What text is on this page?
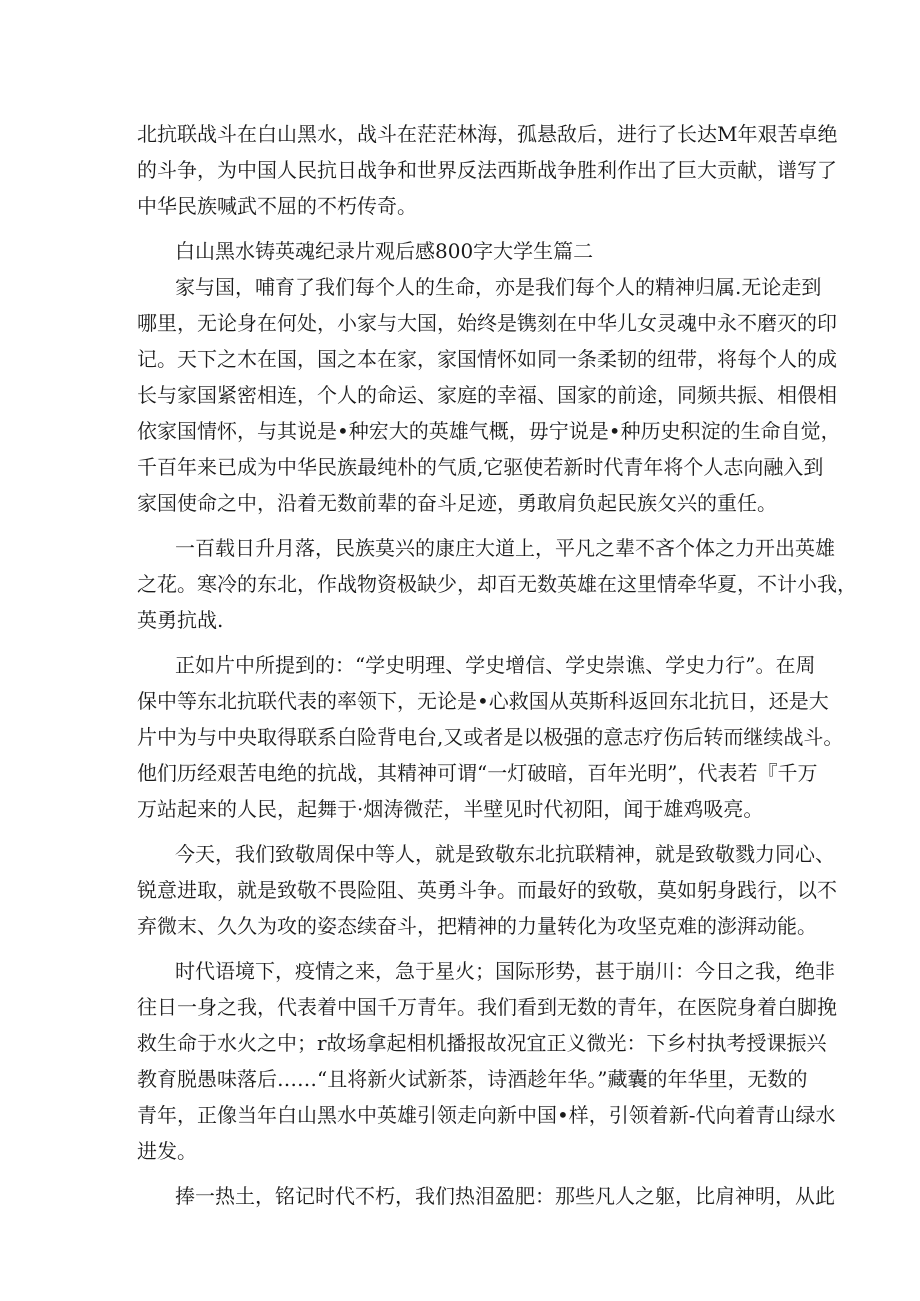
北抗联战斗在白山黑水，战斗在茫茫林海，孤悬敌后，进行了长达M年艰苦卓绝
的斗争，为中国人民抗日战争和世界反法西斯战争胜利作出了巨大贡献，谱写了
中华民族喊武不屈的不朽传奇。
白山黑水铸英魂纪录片观后感800字大学生篇二
家与国，哺育了我们每个人的生命，亦是我们每个人的精神归属.无论走到
哪里，无论身在何处，小家与大国，始终是镌刻在中华儿女灵魂中永不磨灭的印
记。天下之木在国，国之本在家，家国情怀如同一条柔韧的纽带，将每个人的成
长与家国紧密相连，个人的命运、家庭的幸福、国家的前途，同频共振、相偎相
依家国情怀，与其说是•种宏大的英雄气概，毋宁说是•种历史积淀的生命自觉，
千百年来已成为中华民族最纯朴的气质,它驱使若新时代青年将个人志向融入到
家国使命之中，沿着无数前辈的奋斗足迹，勇敢肩负起民族攵兴的重任。
一百载日升月落，民族莫兴的康庄大道上，平凡之辈不吝个体之力开出英雄
之花。寒冷的东北，作战物资极缺少，却百无数英雄在这里情牵华夏，不计小我，
英勇抗战.
正如片中所提到的：“学史明理、学史增信、学史崇谯、学史力行”。在周
保中等东北抗联代表的率领下，无论是•心救国从英斯科返回东北抗日，还是大
片中为与中央取得联系白险背电台,又或者是以极强的意志疗伤后转而继续战斗。
他们历经艰苦电绝的抗战，其精神可谓“一灯破暗，百年光明”，代表若『千万
万站起来的人民，起舞于·烟涛微茫，半壁见时代初阳，闻于雄鸡吸亮。
今天，我们致敬周保中等人，就是致敬东北抗联精神，就是致敬戮力同心、
锐意进取，就是致敬不畏险阻、英勇斗争。而最好的致敬，莫如躬身践行，以不
弃微末、久久为攻的姿态续奋斗，把精神的力量转化为攻坚克难的澎湃动能。
时代语境下，疫情之来，急于星火；国际形势，甚于崩川：今日之我，绝非
往日一身之我，代表着中国千万青年。我们看到无数的青年，在医院身着白脚挽
救生命于水火之中；r故场拿起相机播报故况宜正义微光：下乡村执考授课振兴
教育脱愚味落后……“且将新火试新茶，诗酒趁年华。”藏囊的年华里，无数的
青年，正像当年白山黑水中英雄引领走向新中国•样，引领着新-代向着青山绿水
进发。
捧一热土，铭记时代不朽，我们热泪盈肥：那些凡人之躯，比肩神明，从此
